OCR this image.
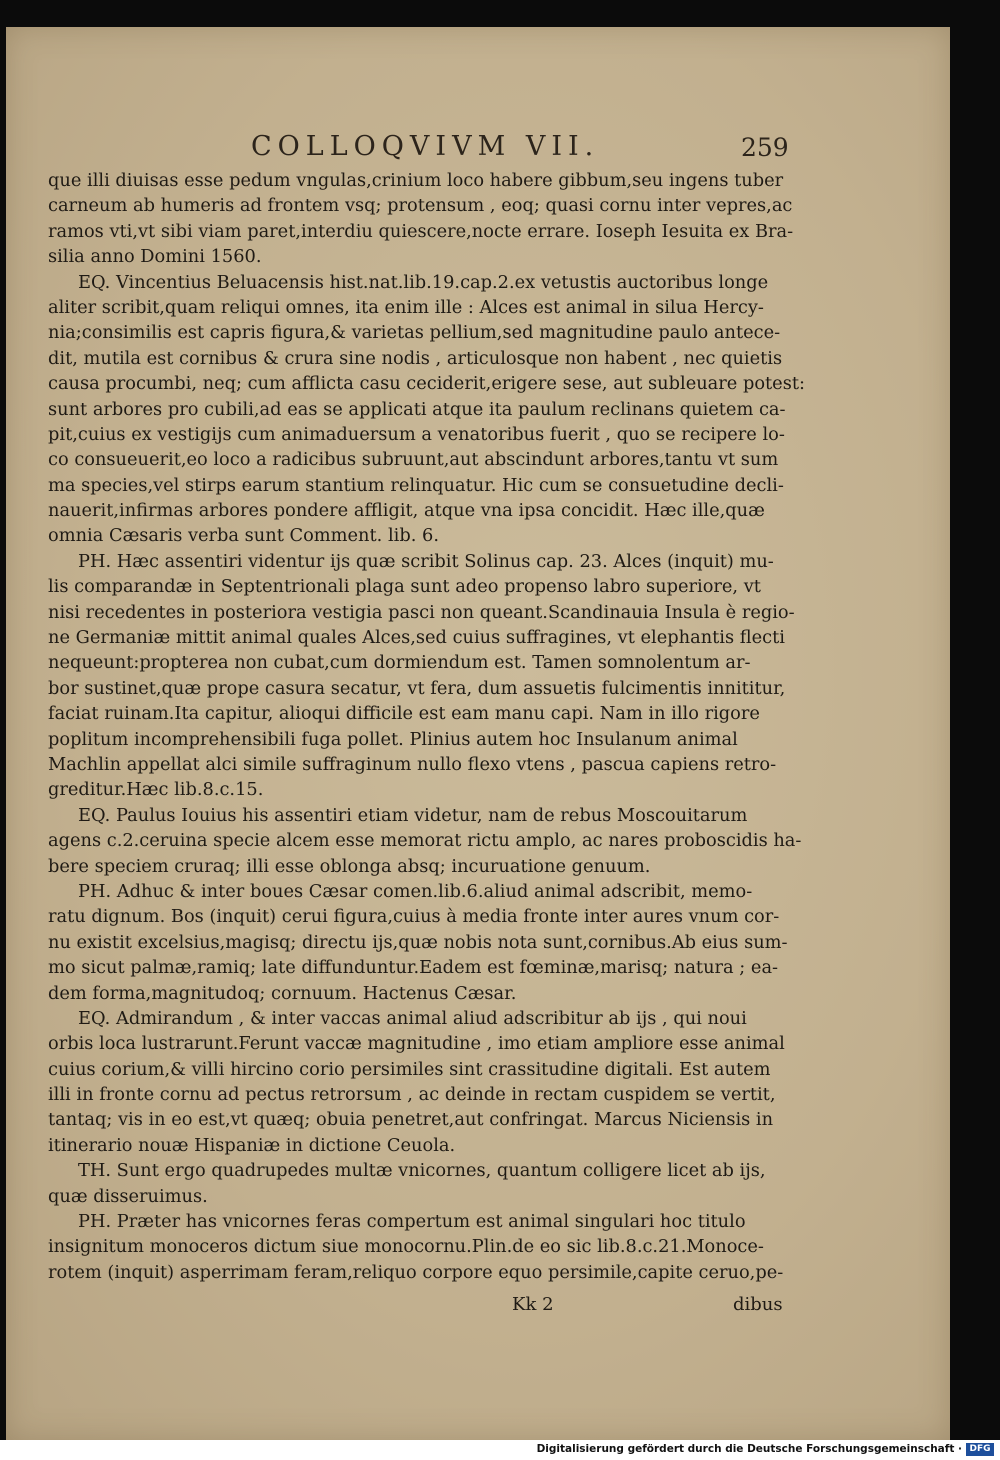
COLLOQVIVM VII.	259
que illi diuisas esse pedum vngulas,crinium loco habere gibbum,seu ingens tuber
carneum ab humeris ad frontem vsq; protensum , eoq; quasi cornu inter vepres,ac
ramos vti,vt sibi viam paret,interdiu quiescere,nocte errare. Ioseph Iesuita ex Bra-
silia anno Domini 1560.
EQ. Vincentius Beluacensis hist.nat.lib.19.cap.2.ex vetustis auctoribus longe
aliter scribit,quam reliqui omnes, ita enim ille : Alces est animal in silua Hercy-
nia;consimilis est capris figura,& varietas pellium,sed magnitudine paulo antece-
dit, mutila est cornibus & crura sine nodis , articulosque non habent , nec quietis
causa procumbi, neq; cum afflicta casu ceciderit,erigere sese, aut subleuare potest:
sunt arbores pro cubili,ad eas se applicati atque ita paulum reclinans quietem ca-
pit,cuius ex vestigijs cum animaduersum a venatoribus fuerit , quo se recipere lo-
co consueuerit,eo loco a radicibus subruunt,aut abscindunt arbores,tantu vt sum
ma species,vel stirps earum stantium relinquatur. Hic cum se consuetudine decli-
nauerit,infirmas arbores pondere affligit, atque vna ipsa concidit. Hæc ille,quæ
omnia Cæsaris verba sunt Comment. lib. 6.
PH. Hæc assentiri videntur ijs quæ scribit Solinus cap. 23. Alces (inquit) mu-
lis comparandæ in Septentrionali plaga sunt adeo propenso labro superiore, vt
nisi recedentes in posteriora vestigia pasci non queant.Scandinauia Insula è regio-
ne Germaniæ mittit animal quales Alces,sed cuius suffragines, vt elephantis flecti
nequeunt:propterea non cubat,cum dormiendum est. Tamen somnolentum ar-
bor sustinet,quæ prope casura secatur, vt fera, dum assuetis fulcimentis innititur,
faciat ruinam.Ita capitur, alioqui difficile est eam manu capi. Nam in illo rigore
poplitum incomprehensibili fuga pollet. Plinius autem hoc Insulanum animal
Machlin appellat alci simile suffraginum nullo flexo vtens , pascua capiens retro-
greditur.Hæc lib.8.c.15.
EQ. Paulus Iouius his assentiri etiam videtur, nam de rebus Moscouitarum
agens c.2.ceruina specie alcem esse memorat rictu amplo, ac nares proboscidis ha-
bere speciem cruraq; illi esse oblonga absq; incuruatione genuum.
PH. Adhuc & inter boues Cæsar comen.lib.6.aliud animal adscribit, memo-
ratu dignum. Bos (inquit) cerui figura,cuius à media fronte inter aures vnum cor-
nu existit excelsius,magisq; directu ijs,quæ nobis nota sunt,cornibus.Ab eius sum-
mo sicut palmæ,ramiq; late diffunduntur.Eadem est fœminæ,marisq; natura ; ea-
dem forma,magnitudoq; cornuum. Hactenus Cæsar.
EQ. Admirandum , & inter vaccas animal aliud adscribitur ab ijs , qui noui
orbis loca lustrarunt.Ferunt vaccæ magnitudine , imo etiam ampliore esse animal
cuius corium,& villi hircino corio persimiles sint crassitudine digitali. Est autem
illi in fronte cornu ad pectus retrorsum , ac deinde in rectam cuspidem se vertit,
tantaq; vis in eo est,vt quæq; obuia penetret,aut confringat. Marcus Niciensis in
itinerario nouæ Hispaniæ in dictione Ceuola.
TH. Sunt ergo quadrupedes multæ vnicornes, quantum colligere licet ab ijs,
quæ disseruimus.
PH. Præter has vnicornes feras compertum est animal singulari hoc titulo
insignitum monoceros dictum siue monocornu.Plin.de eo sic lib.8.c.21.Monoce-
rotem (inquit) asperrimam feram,reliquo corpore equo persimile,capite ceruo,pe-
Kk 2	dibus
Digitalisierung gefördert durch die Deutsche Forschungsgemeinschaft · DFG
